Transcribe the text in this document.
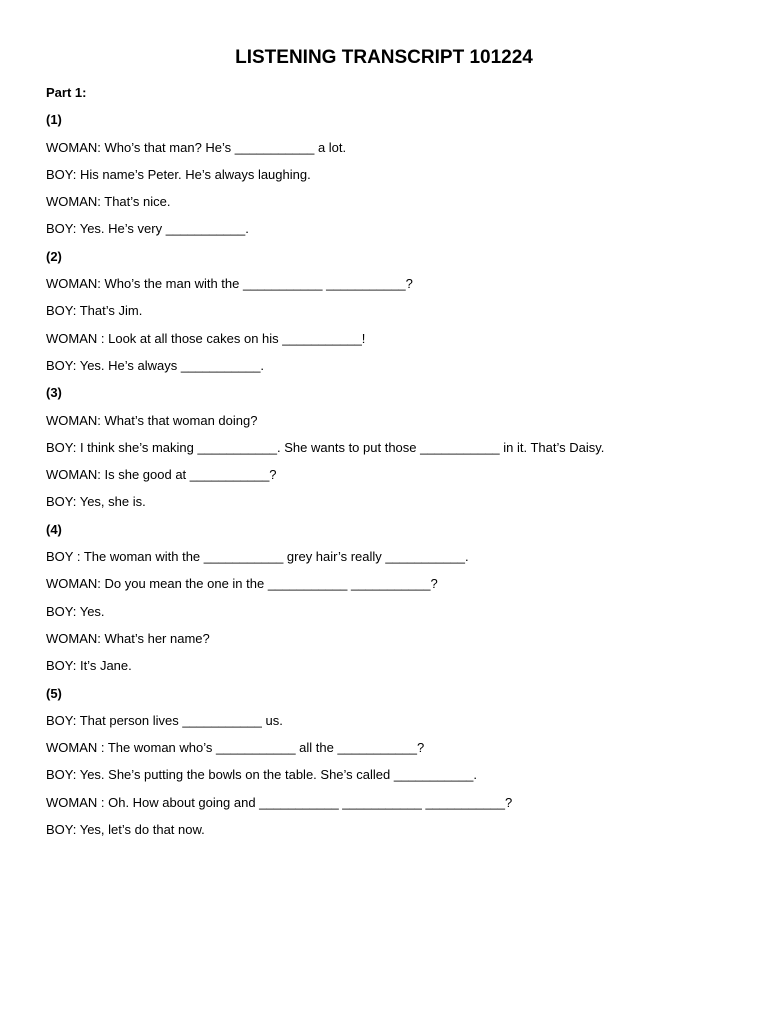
LISTENING TRANSCRIPT 101224
Part 1:
(1)
WOMAN: Who’s that man? He’s ___________ a lot.
BOY: His name’s Peter. He’s always laughing.
WOMAN: That’s nice.
BOY: Yes. He’s very ___________.
(2)
WOMAN: Who’s the man with the ___________ ___________?
BOY: That’s Jim.
WOMAN : Look at all those cakes on his ___________!
BOY: Yes. He’s always ___________.
(3)
WOMAN: What’s that woman doing?
BOY: I think she’s making ___________. She wants to put those ___________ in it. That’s Daisy.
WOMAN: Is she good at ___________?
BOY: Yes, she is.
(4)
BOY : The woman with the ___________ grey hair’s really ___________.
WOMAN: Do you mean the one in the ___________ ___________?
BOY: Yes.
WOMAN: What’s her name?
BOY: It’s Jane.
(5)
BOY: That person lives ___________ us.
WOMAN : The woman who’s ___________ all the ___________?
BOY: Yes. She’s putting the bowls on the table. She’s called ___________.
WOMAN : Oh. How about going and ___________ ___________ ___________?
BOY: Yes, let’s do that now.
